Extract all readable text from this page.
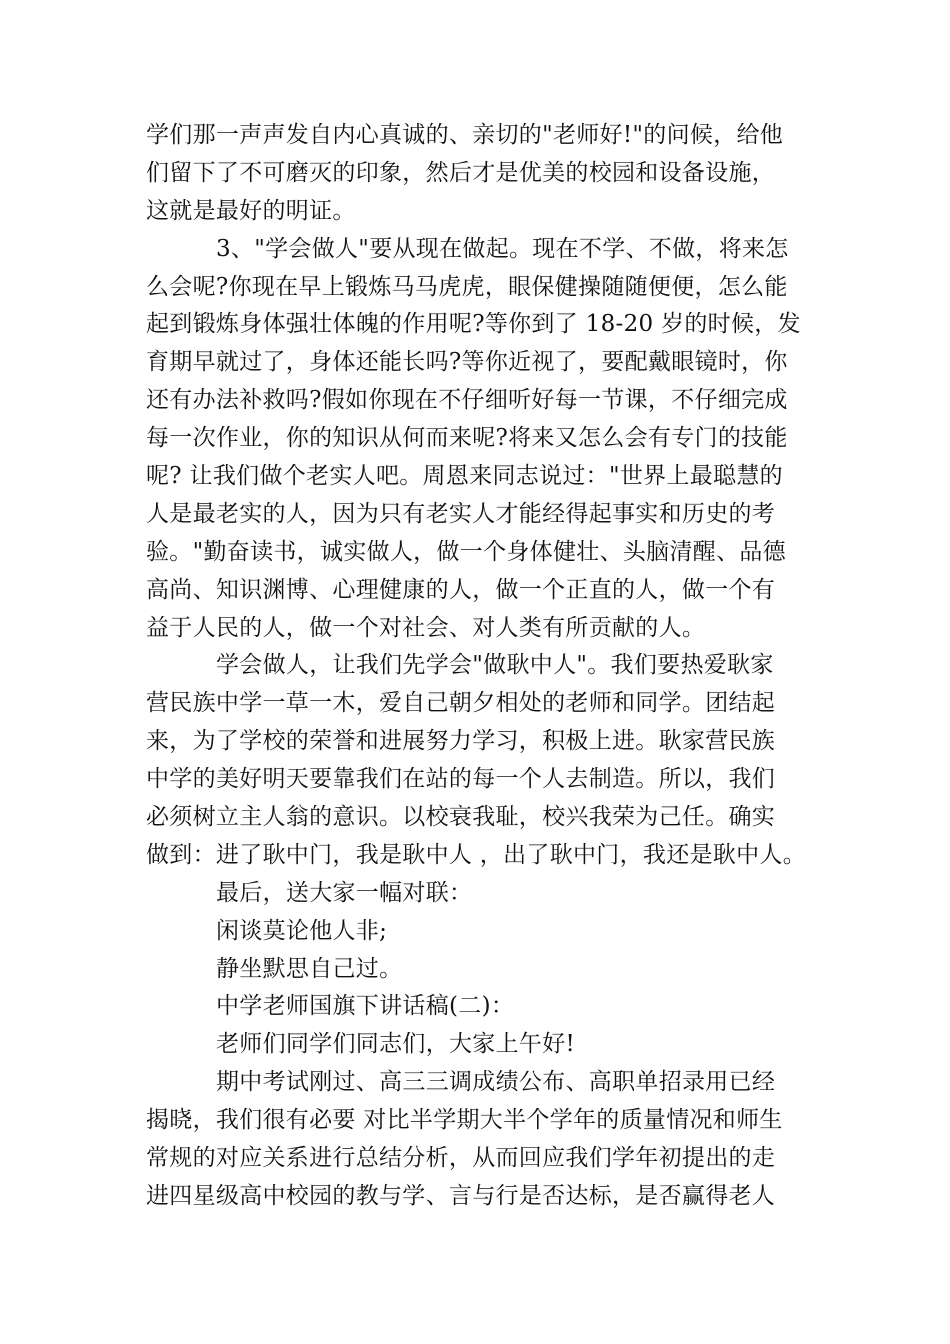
学们那一声声发自内心真诚的、亲切的"老师好!"的问候，给他
们留下了不可磨灭的印象，然后才是优美的校园和设备设施，
这就是最好的明证。
3、"学会做人"要从现在做起。现在不学、不做，将来怎
么会呢?你现在早上锻炼马马虎虎，眼保健操随随便便，怎么能
起到锻炼身体强壮体魄的作用呢?等你到了 18-20 岁的时候，发
育期早就过了，身体还能长吗?等你近视了，要配戴眼镜时，你
还有办法补救吗?假如你现在不仔细听好每一节课，不仔细完成
每一次作业，你的知识从何而来呢?将来又怎么会有专门的技能
呢? 让我们做个老实人吧。周恩来同志说过："世界上最聪慧的
人是最老实的人，因为只有老实人才能经得起事实和历史的考
验。"勤奋读书，诚实做人，做一个身体健壮、头脑清醒、品德
高尚、知识渊博、心理健康的人，做一个正直的人，做一个有
益于人民的人，做一个对社会、对人类有所贡献的人。
学会做人，让我们先学会"做耿中人"。我们要热爱耿家
营民族中学一草一木，爱自己朝夕相处的老师和同学。团结起
来，为了学校的荣誉和进展努力学习，积极上进。耿家营民族
中学的美好明天要靠我们在站的每一个人去制造。所以，我们
必须树立主人翁的意识。以校衰我耻，校兴我荣为己任。确实
做到：进了耿中门，我是耿中人 ，出了耿中门，我还是耿中人。
最后，送大家一幅对联：
闲谈莫论他人非;
静坐默思自己过。
中学老师国旗下讲话稿(二)：
老师们同学们同志们，大家上午好!
期中考试刚过、高三三调成绩公布、高职单招录用已经
揭晓，我们很有必要 对比半学期大半个学年的质量情况和师生
常规的对应关系进行总结分析，从而回应我们学年初提出的走
进四星级高中校园的教与学、言与行是否达标，是否赢得老人
